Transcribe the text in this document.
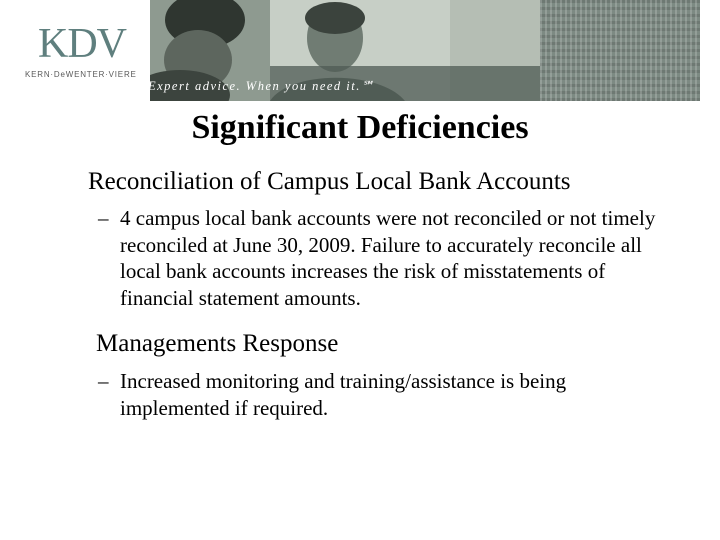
KDV
KERN·DeWENTER·VIERE
Expert advice. When you need it.℠
Significant Deficiencies
Reconciliation of Campus Local Bank Accounts
– 4 campus local bank accounts were not reconciled or not timely reconciled at June 30, 2009. Failure to accurately reconcile all local bank accounts increases the risk of misstatements of financial statement amounts.
Managements Response
– Increased monitoring and training/assistance is being implemented if required.
